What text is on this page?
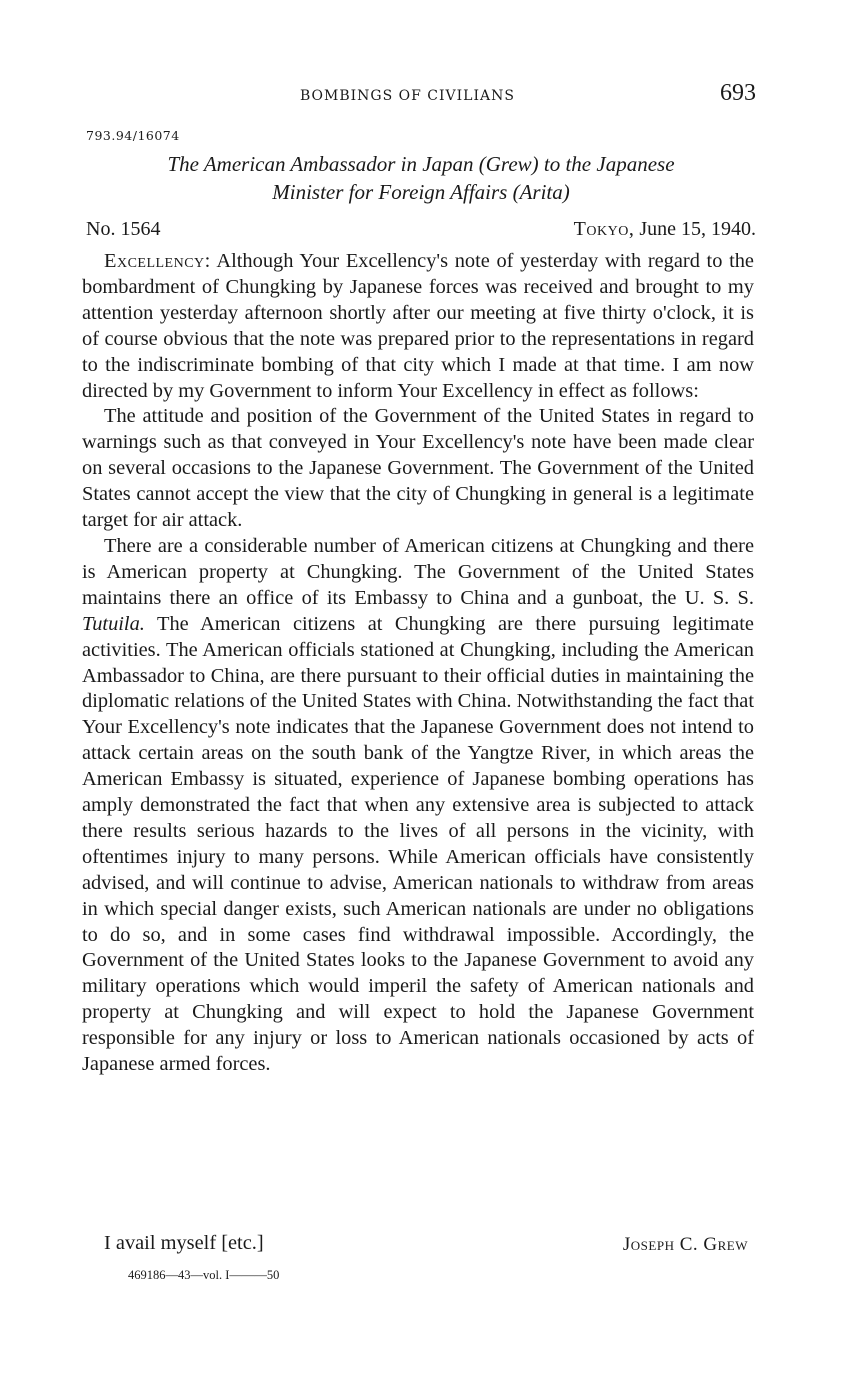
BOMBINGS OF CIVILIANS	693
793.94/16074
The American Ambassador in Japan (Grew) to the Japanese
Minister for Foreign Affairs (Arita)
No. 1564	Tokyo, June 15, 1940.

Excellency: Although Your Excellency's note of yesterday with regard to the bombardment of Chungking by Japanese forces was received and brought to my attention yesterday afternoon shortly after our meeting at five thirty o'clock, it is of course obvious that the note was prepared prior to the representations in regard to the indiscriminate bombing of that city which I made at that time. I am now directed by my Government to inform Your Excellency in effect as follows:

The attitude and position of the Government of the United States in regard to warnings such as that conveyed in Your Excellency's note have been made clear on several occasions to the Japanese Government. The Government of the United States cannot accept the view that the city of Chungking in general is a legitimate target for air attack.

There are a considerable number of American citizens at Chungking and there is American property at Chungking. The Government of the United States maintains there an office of its Embassy to China and a gunboat, the U. S. S. Tutuila. The American citizens at Chungking are there pursuing legitimate activities. The American officials stationed at Chungking, including the American Ambassador to China, are there pursuant to their official duties in maintaining the diplomatic relations of the United States with China. Notwithstanding the fact that Your Excellency's note indicates that the Japanese Government does not intend to attack certain areas on the south bank of the Yangtze River, in which areas the American Embassy is situated, experience of Japanese bombing operations has amply demonstrated the fact that when any extensive area is subjected to attack there results serious hazards to the lives of all persons in the vicinity, with oftentimes injury to many persons. While American officials have consistently advised, and will continue to advise, American nationals to withdraw from areas in which special danger exists, such American nationals are under no obligations to do so, and in some cases find withdrawal impossible. Accordingly, the Government of the United States looks to the Japanese Government to avoid any military operations which would imperil the safety of American nationals and property at Chungking and will expect to hold the Japanese Government responsible for any injury or loss to American nationals occasioned by acts of Japanese armed forces.

I avail myself [etc.]	Joseph C. Grew
469186—43—vol. I———50
